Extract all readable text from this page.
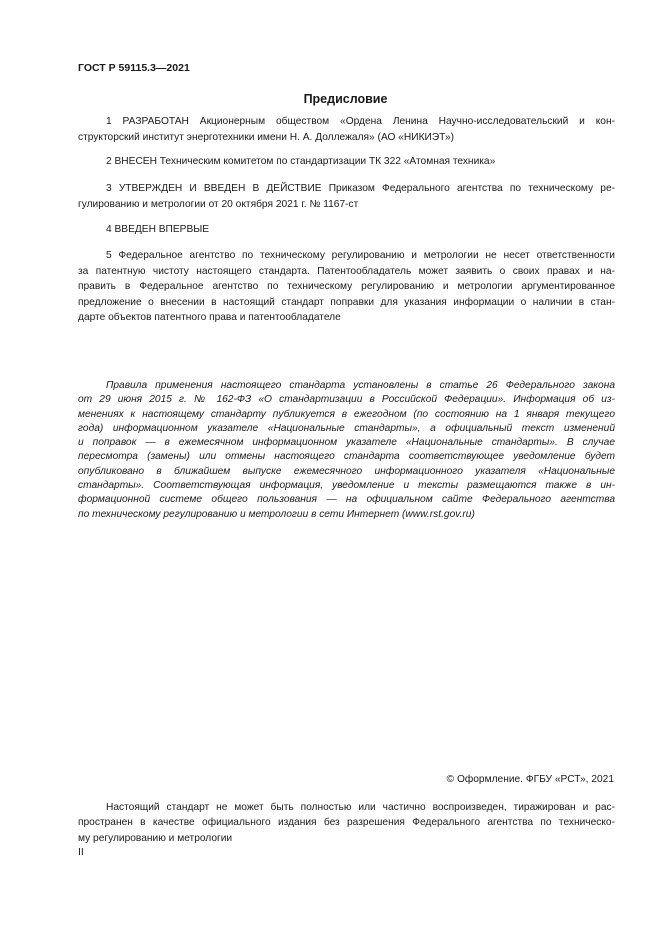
ГОСТ Р 59115.3—2021
Предисловие
1 РАЗРАБОТАН Акционерным обществом «Ордена Ленина Научно-исследовательский и кон-
структорский институт энерготехники имени Н. А. Доллежаля» (АО «НИКИЭТ»)
2 ВНЕСЕН Техническим комитетом по стандартизации ТК 322 «Атомная техника»
3 УТВЕРЖДЕН И ВВЕДЕН В ДЕЙСТВИЕ Приказом Федерального агентства по техническому ре-
гулированию и метрологии от 20 октября 2021 г. № 1167-ст
4 ВВЕДЕН ВПЕРВЫЕ
5 Федеральное агентство по техническому регулированию и метрологии не несет ответственности
за патентную чистоту настоящего стандарта. Патентообладатель может заявить о своих правах и на-
править в Федеральное агентство по техническому регулированию и метрологии аргументированное
предложение о внесении в настоящий стандарт поправки для указания информации о наличии в стан-
дарте объектов патентного права и патентообладателе
Правила применения настоящего стандарта установлены в статье 26 Федерального закона
от 29 июня 2015 г. № 162-ФЗ «О стандартизации в Российской Федерации». Информация об из-
менениях к настоящему стандарту публикуется в ежегодном (по состоянию на 1 января текущего
года) информационном указателе «Национальные стандарты», а официальный текст изменений
и поправок — в ежемесячном информационном указателе «Национальные стандарты». В случае
пересмотра (замены) или отмены настоящего стандарта соответствующее уведомление будет
опубликовано в ближайшем выпуске ежемесячного информационного указателя «Национальные
стандарты». Соответствующая информация, уведомление и тексты размещаются также в ин-
формационной системе общего пользования — на официальном сайте Федерального агентства
по техническому регулированию и метрологии в сети Интернет (www.rst.gov.ru)
© Оформление. ФГБУ «РСТ», 2021
Настоящий стандарт не может быть полностью или частично воспроизведен, тиражирован и рас-
пространен в качестве официального издания без разрешения Федерального агентства по техническо-
му регулированию и метрологии
II
